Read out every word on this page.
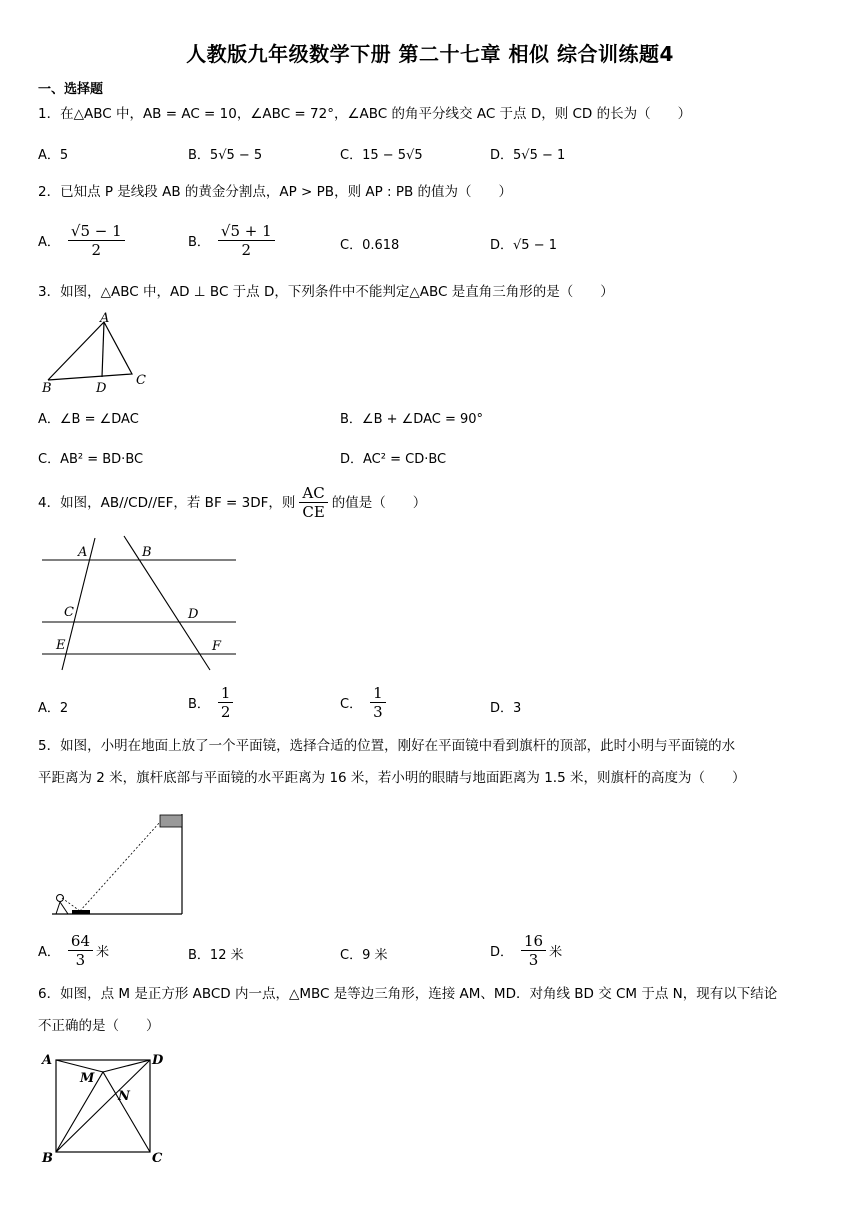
人教版九年级数学下册 第二十七章 相似 综合训练题4
一、选择题
1．在△ABC 中，AB = AC = 10，∠ABC = 72°，∠ABC 的角平分线交 AC 于点 D，则 CD 的长为（　　）
A．5	B．5√5 − 5	C．15 − 5√5	D．5√5 − 1
2．已知点 P 是线段 AB 的黄金分割点，AP > PB，则 AP : PB 的值为（　　）
A． $\frac{√5 - 1}{2}$	B． $\frac{√5 + 1}{2}$	C．0.618	D．√5 − 1
3．如图，△ABC 中，AD ⊥ BC 于点 D，下列条件中不能判定△ABC 是直角三角形的是（　　）
A
B	D
C
A．∠B = ∠DAC	B．∠B + ∠DAC = 90°
C．AB² = BD·BC	D．AC² = CD·BC
4．如图，AB//CD//EF，若 BF = 3DF，则 $\frac{AC}{CE}$ 的值是（　　）
A	B
C	D
E	F
A．2	B． $\frac{1}{2}$	C． $\frac{1}{3}$	D．3
5．如图，小明在地面上放了一个平面镜，选择合适的位置，刚好在平面镜中看到旗杆的顶部，此时小明与平面镜的水
平距离为 2 米，旗杆底部与平面镜的水平距离为 16 米，若小明的眼睛与地面距离为 1.5 米，则旗杆的高度为（　　）
A． $\frac{64}{3}$ 米	B．12 米	C．9 米	D． $\frac{16}{3}$ 米
6．如图，点 M 是正方形 ABCD 内一点，△MBC 是等边三角形，连接 AM、MD．对角线 BD 交 CM 于点 N，现有以下结论
不正确的是（　　）
A	D
B	C
M
N
